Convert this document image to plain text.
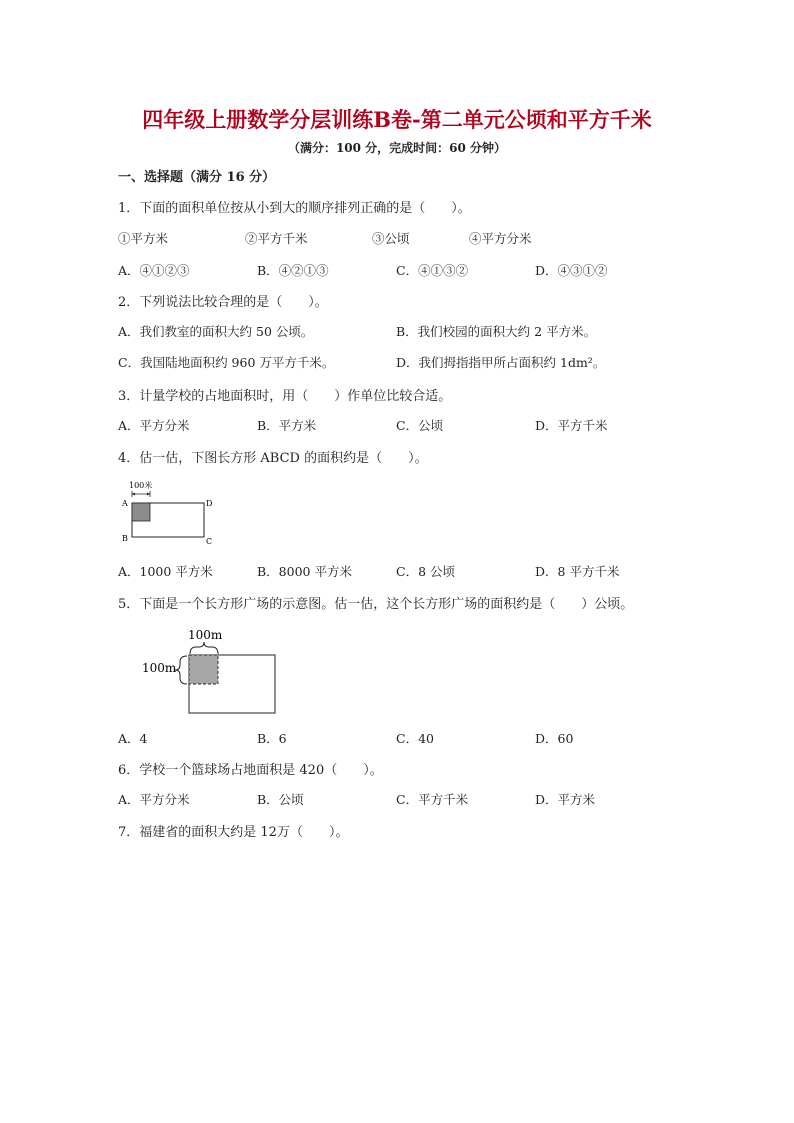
四年级上册数学分层训练B卷-第二单元公顷和平方千米
（满分：100 分，完成时间：60 分钟）
一、选择题（满分 16 分）
1．下面的面积单位按从小到大的顺序排列正确的是（　　）。
①平方米	②平方千米	③公顷	④平方分米
A．④①②③	B．④②①③	C．④①③②	D．④③①②
2．下列说法比较合理的是（　　）。
A．我们教室的面积大约 50 公顷。	B．我们校园的面积大约 2 平方米。
C．我国陆地面积约 960 万平方千米。	D．我们拇指指甲所占面积约 1dm²。
3．计量学校的占地面积时，用（　　）作单位比较合适。
A．平方分米	B．平方米	C．公顷	D．平方千米
4．估一估，下图长方形 ABCD 的面积约是（　　）。
100米
A	D
B	C
A．1000 平方米	B．8000 平方米	C．8 公顷	D．8 平方千米
5．下面是一个长方形广场的示意图。估一估，这个长方形广场的面积约是（　　）公顷。
100m
100m
A．4	B．6	C．40	D．60
6．学校一个篮球场占地面积是 420（　　）。
A．平方分米	B．公顷	C．平方千米	D．平方米
7．福建省的面积大约是 12万（　　）。
